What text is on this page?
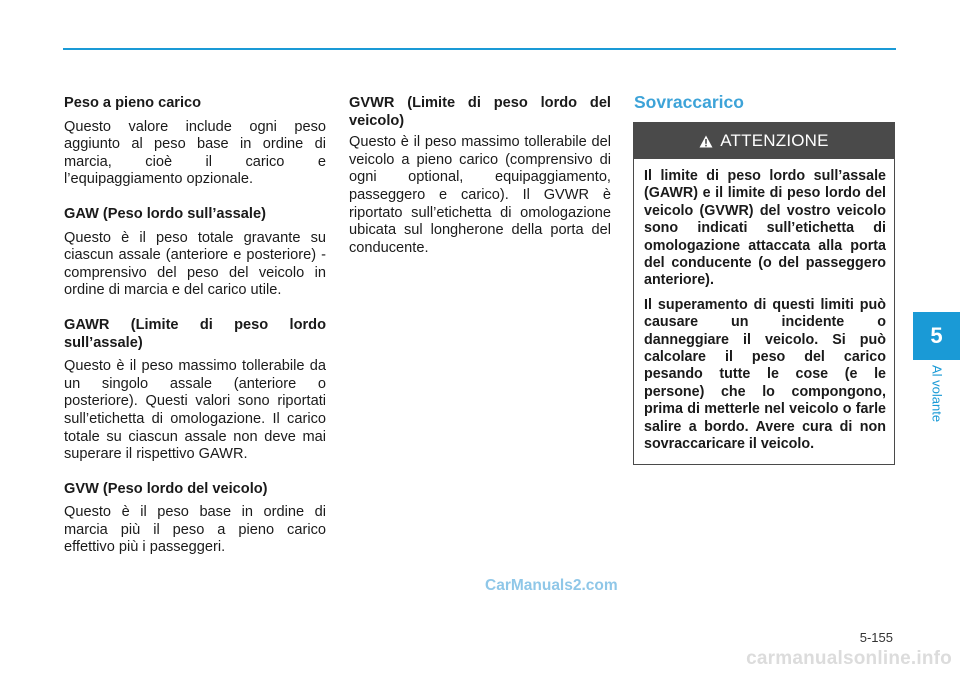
Peso a pieno carico

Questo valore include ogni peso aggiunto al peso base in ordine di marcia, cioè il carico e l’equipaggiamento opzionale.

GAW (Peso lordo sull’assale)

Questo è il peso totale gravante su ciascun assale (anteriore e posteriore) - comprensivo del peso del veicolo in ordine di marcia e del carico utile.

GAWR (Limite di peso lordo sull’assale)

Questo è il peso massimo tollerabile da un singolo assale (anteriore o posteriore). Questi valori sono riportati sull’etichetta di omologazione. Il carico totale su ciascun assale non deve mai superare il rispettivo GAWR.

GVW (Peso lordo del veicolo)

Questo è il peso base in ordine di marcia più il peso a pieno carico effettivo più i passeggeri.

GVWR (Limite di peso lordo del veicolo)

Questo è il peso massimo tollerabile del veicolo a pieno carico (comprensivo di ogni optional, equipaggiamento, passeggero e carico). Il GVWR è riportato sull’etichetta di omologazione ubicata sul longherone della porta del conducente.

Sovraccarico
ATTENZIONE

Il limite di peso lordo sull’assale (GAWR) e il limite di peso lordo del veicolo (GVWR) del vostro veicolo sono indicati sull’etichetta di omologazione attaccata alla porta del conducente (o del passeggero anteriore).

Il superamento di questi limiti può causare un incidente o danneggiare il veicolo. Si può calcolare il peso del carico pesando tutte le cose (e le persone) che lo compongono, prima di metterle nel veicolo o farle salire a bordo. Avere cura di non sovraccaricare il veicolo.

5
Al volante
CarManuals2.com
5-155
carmanualsonline.info
